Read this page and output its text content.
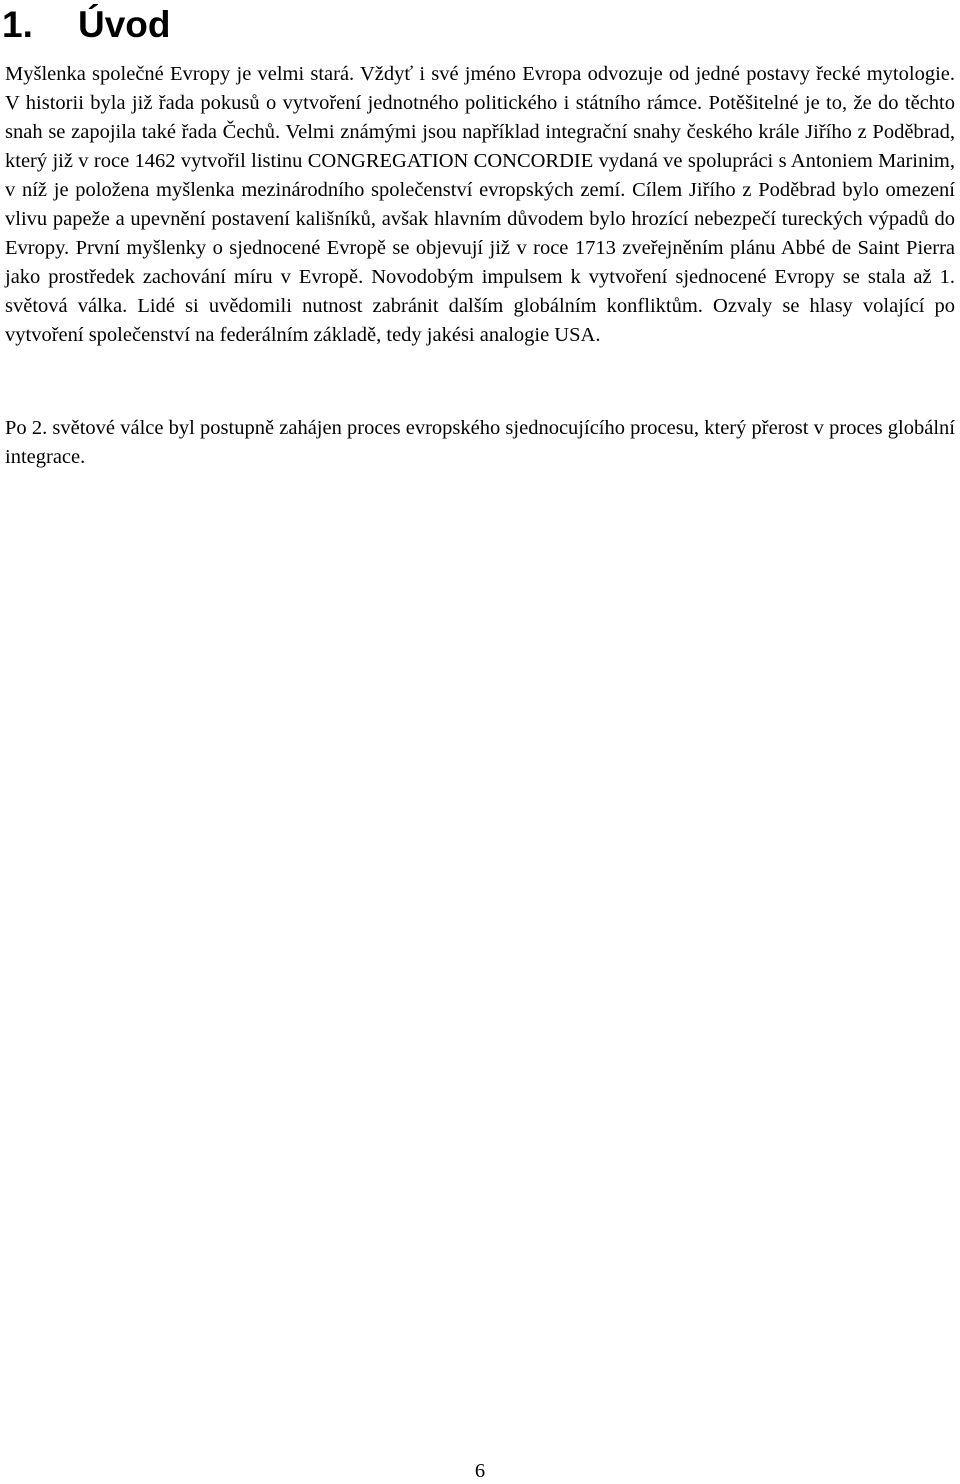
1. Úvod

Myšlenka společné Evropy je velmi stará. Vždyť i své jméno Evropa odvozuje od jedné postavy řecké mytologie. V historii byla již řada pokusů o vytvoření jednotného politického i státního rámce. Potěšitelné je to, že do těchto snah se zapojila také řada Čechů. Velmi známými jsou například integrační snahy českého krále Jiřího z Poděbrad, který již v roce 1462 vytvořil listinu CONGREGATION CONCORDIE vydaná ve spolupráci s Antoniem Marinim, v níž je položena myšlenka mezinárodního společenství evropských zemí. Cílem Jiřího z Poděbrad bylo omezení vlivu papeže a upevnění postavení kališníků, avšak hlavním důvodem bylo hrozící nebezpečí tureckých výpadů do Evropy. První myšlenky o sjednocené Evropě se objevují již v roce 1713 zveřejněním plánu Abbé de Saint Pierra jako prostředek zachování míru v Evropě. Novodobým impulsem k vytvoření sjednocené Evropy se stala až 1. světová válka. Lidé si uvědomili nutnost zabránit dalším globálním konfliktům. Ozvaly se hlasy volající po vytvoření společenství na federálním základě, tedy jakési analogie USA.

Po 2. světové válce byl postupně zahájen proces evropského sjednocujícího procesu, který přerost v proces globální integrace.

6
